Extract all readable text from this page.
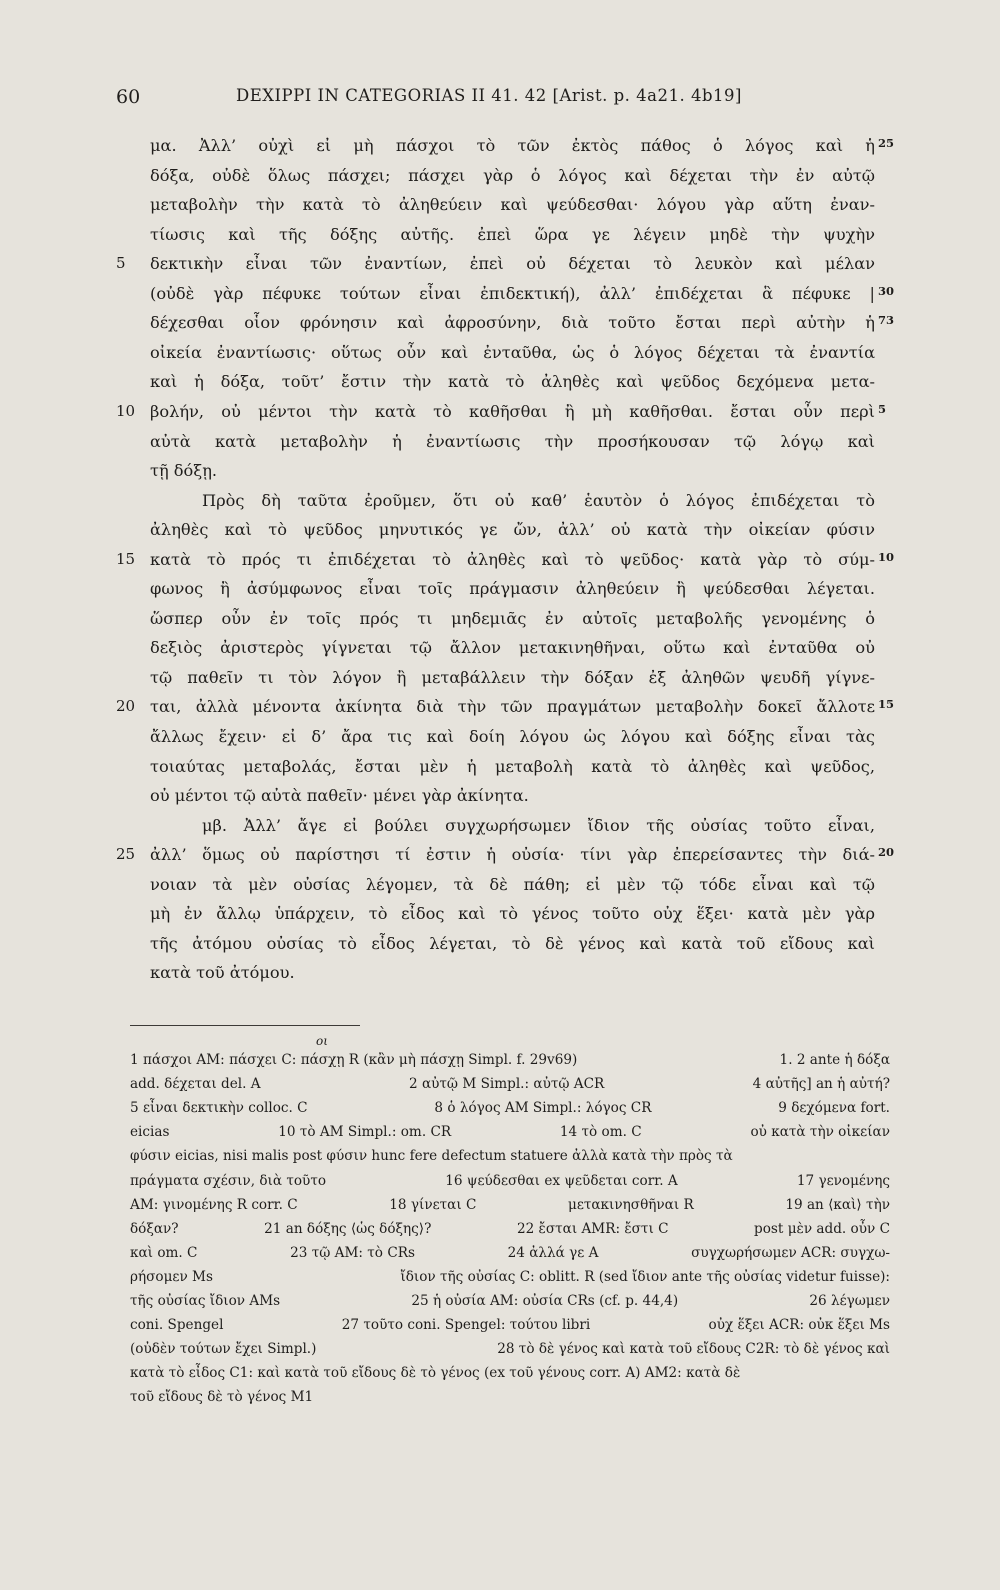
60	DEXIPPI IN CATEGORIAS II 41. 42 [Arist. p. 4a21. 4b19]
μα. Ἀλλ’ οὐχὶ εἰ μὴ πάσχοι τὸ τῶν ἐκτὸς πάθος ὁ λόγος καὶ ἡ 25
δόξα, οὐδὲ ὅλως πάσχει; πάσχει γὰρ ὁ λόγος καὶ δέχεται τὴν ἐν αὐτῷ
μεταβολὴν τὴν κατὰ τὸ ἀληθεύειν καὶ ψεύδεσθαι· λόγου γὰρ αὕτη ἐναν-
τίωσις καὶ τῆς δόξης αὐτῆς. ἐπεὶ ὥρα γε λέγειν μηδὲ τὴν ψυχὴν
5 δεκτικὴν εἶναι τῶν ἐναντίων, ἐπεὶ οὐ δέχεται τὸ λευκὸν καὶ μέλαν
(οὐδὲ γὰρ πέφυκε τούτων εἶναι ἐπιδεκτική), ἀλλ’ ἐπιδέχεται ἃ πέφυκε | 30
δέχεσθαι οἷον φρόνησιν καὶ ἀφροσύνην, διὰ τοῦτο ἔσται περὶ αὐτὴν ἡ 73
οἰκεία ἐναντίωσις· οὕτως οὖν καὶ ἐνταῦθα, ὡς ὁ λόγος δέχεται τὰ ἐναντία
καὶ ἡ δόξα, τοῦτ’ ἔστιν τὴν κατὰ τὸ ἀληθὲς καὶ ψεῦδος δεχόμενα μετα-
10 βολήν, οὐ μέντοι τὴν κατὰ τὸ καθῆσθαι ἢ μὴ καθῆσθαι. ἔσται οὖν περὶ 5
αὐτὰ κατὰ μεταβολὴν ἡ ἐναντίωσις τὴν προσήκουσαν τῷ λόγῳ καὶ
τῇ δόξῃ.
Πρὸς δὴ ταῦτα ἐροῦμεν, ὅτι οὐ καθ’ ἑαυτὸν ὁ λόγος ἐπιδέχεται τὸ
ἀληθὲς καὶ τὸ ψεῦδος μηνυτικός γε ὤν, ἀλλ’ οὐ κατὰ τὴν οἰκείαν φύσιν
15 κατὰ τὸ πρός τι ἐπιδέχεται τὸ ἀληθὲς καὶ τὸ ψεῦδος· κατὰ γὰρ τὸ σύμ- 10
φωνος ἢ ἀσύμφωνος εἶναι τοῖς πράγμασιν ἀληθεύειν ἢ ψεύδεσθαι λέγεται.
ὥσπερ οὖν ἐν τοῖς πρός τι μηδεμιᾶς ἐν αὐτοῖς μεταβολῆς γενομένης ὁ
δεξιὸς ἀριστερὸς γίγνεται τῷ ἄλλον μετακινηθῆναι, οὕτω καὶ ἐνταῦθα οὐ
τῷ παθεῖν τι τὸν λόγον ἢ μεταβάλλειν τὴν δόξαν ἐξ ἀληθῶν ψευδῆ γίγνε-
20 ται, ἀλλὰ μένοντα ἀκίνητα διὰ τὴν τῶν πραγμάτων μεταβολὴν δοκεῖ ἄλλοτε 15
ἄλλως ἔχειν· εἰ δ’ ἄρα τις καὶ δοίη λόγου ὡς λόγου καὶ δόξης εἶναι τὰς
τοιαύτας μεταβολάς, ἔσται μὲν ἡ μεταβολὴ κατὰ τὸ ἀληθὲς καὶ ψεῦδος,
οὐ μέντοι τῷ αὐτὰ παθεῖν· μένει γὰρ ἀκίνητα.
μβ. Ἀλλ’ ἄγε εἰ βούλει συγχωρήσωμεν ἴδιον τῆς οὐσίας τοῦτο εἶναι,
25 ἀλλ’ ὅμως οὐ παρίστησι τί ἐστιν ἡ οὐσία· τίνι γὰρ ἐπερείσαντες τὴν διά- 20
νοιαν τὰ μὲν οὐσίας λέγομεν, τὰ δὲ πάθη; εἰ μὲν τῷ τόδε εἶναι καὶ τῷ
μὴ ἐν ἄλλῳ ὑπάρχειν, τὸ εἶδος καὶ τὸ γένος τοῦτο οὐχ ἕξει· κατὰ μὲν γὰρ
τῆς ἀτόμου οὐσίας τὸ εἶδος λέγεται, τὸ δὲ γένος καὶ κατὰ τοῦ εἴδους καὶ
κατὰ τοῦ ἀτόμου.
οι
1 πάσχοι AM: πάσχει C: πάσχῃ R (κἂν μὴ πάσχῃ Simpl. f. 29v69)	1. 2 ante ἡ δόξα
add. δέχεται del. A	2 αὐτῷ M Simpl.: αὐτῷ ACR	4 αὐτῆς] an ἡ αὐτή?
5 εἶναι δεκτικὴν colloc. C	8 ὁ λόγος AM Simpl.: λόγος CR	9 δεχόμενα fort.
eicias	10 τὸ AM Simpl.: om. CR	14 τὸ om. C	οὐ κατὰ τὴν οἰκείαν
φύσιν eicias, nisi malis post φύσιν hunc fere defectum statuere ἀλλὰ κατὰ τὴν πρὸς τὰ
πράγματα σχέσιν, διὰ τοῦτο	16 ψεύδεσθαι ex ψεῦδεται corr. A	17 γενομένης
AM: γινομένης R corr. C	18 γίνεται C	μετακινησθῆναι R	19 an ⟨καὶ⟩ τὴν
δόξαν?	21 an δόξης ⟨ὡς δόξης⟩?	22 ἔσται AMR: ἔστι C	post μὲν add. οὖν C
καὶ om. C	23 τῷ AM: τὸ CRs	24 ἀλλά γε A	συγχωρήσωμεν ACR: συγχω-
ρήσομεν Ms	ἴδιον τῆς οὐσίας C: oblitt. R (sed ἴδιον ante τῆς οὐσίας videtur fuisse):
τῆς οὐσίας ἴδιον AMs	25 ἡ οὐσία AM: οὐσία CRs (cf. p. 44,4)	26 λέγωμεν
coni. Spengel	27 τοῦτο coni. Spengel: τούτου libri	οὐχ ἕξει ACR: οὐκ ἕξει Ms
(οὐδὲν τούτων ἔχει Simpl.)	28 τὸ δὲ γένος καὶ κατὰ τοῦ εἴδους C2R: τὸ δὲ γένος καὶ
κατὰ τὸ εἶδος C1: καὶ κατὰ τοῦ εἴδους δὲ τὸ γένος (ex τοῦ γένους corr. A) AM2: κατὰ δὲ
τοῦ εἴδους δὲ τὸ γένος M1
